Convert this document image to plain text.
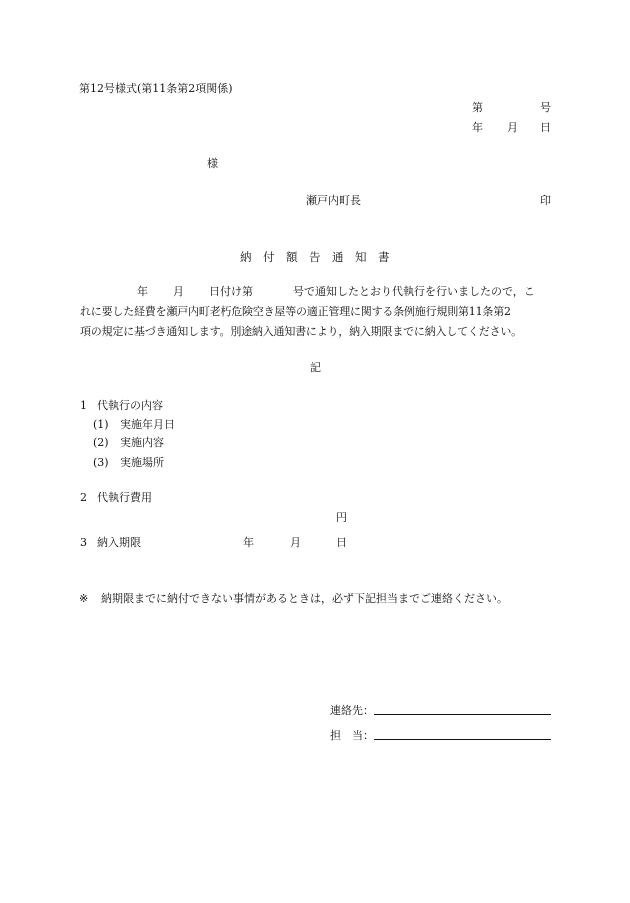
第12号様式(第11条第2項関係)
第	号
年 月 日
様
瀬戸内町長	印
納　付　額　告　通　知　書
年 月 日付け第	号で通知したとおり代執行を行いましたので，こ
れに要した経費を瀬戸内町老朽危険空き屋等の適正管理に関する条例施行規則第11条第2
項の規定に基づき通知します。別途納入通知書により，納入期限までに納入してください。
記
1 代執行の内容
(1) 実施年月日
(2) 実施内容
(3) 実施場所
2 代執行費用
円
3 納入期限	年	月	日
※ 納期限までに納付できない事情があるときは，必ず下記担当までご連絡ください。
連絡先：
担　当：
